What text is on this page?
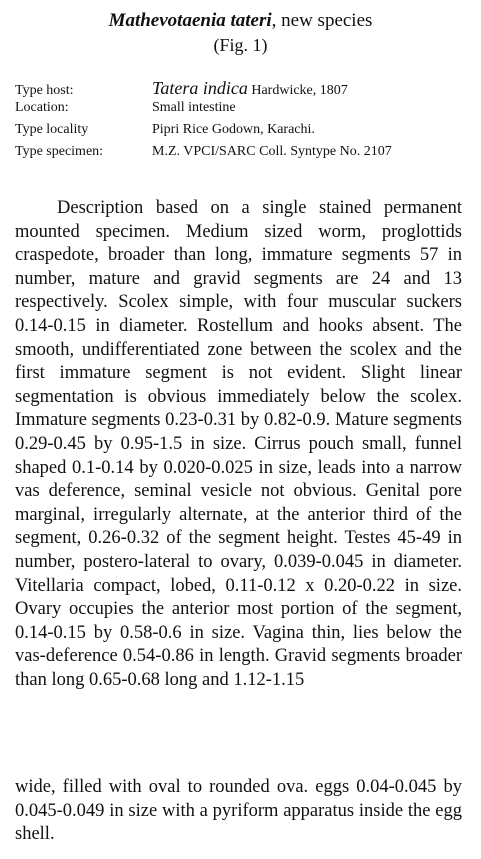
Mathevotaenia tateri, new species
(Fig. 1)
Type host:	Tatera indica Hardwicke, 1807
Location:	Small intestine
Type locality	Pipri Rice Godown, Karachi.
Type specimen:	M.Z. VPCI/SARC Coll. Syntype No. 2107

Description based on a single stained permanent mounted specimen. Medium sized worm, proglottids craspedote, broader than long, immature segments 57 in number, mature and gravid segments are 24 and 13 respectively. Scolex simple, with four muscular suckers 0.14-0.15 in diameter. Rostellum and hooks absent. The smooth, undifferentiated zone between the scolex and the first immature segment is not evident. Slight linear segmentation is obvious immediately below the scolex. Immature segments 0.23-0.31 by 0.82-0.9. Mature segments 0.29-0.45 by 0.95-1.5 in size. Cirrus pouch small, funnel shaped 0.1-0.14 by 0.020-0.025 in size, leads into a narrow vas deference, seminal vesicle not obvious. Genital pore marginal, irregularly alternate, at the anterior third of the segment, 0.26-0.32 of the segment height. Testes 45-49 in number, postero-lateral to ovary, 0.039-0.045 in diameter. Vitellaria compact, lobed, 0.11-0.12 x 0.20-0.22 in size. Ovary occupies the anterior most portion of the segment, 0.14-0.15 by 0.58-0.6 in size. Vagina thin, lies below the vas-deference 0.54-0.86 in length. Gravid segments broader than long 0.65-0.68 long and 1.12-1.15

wide, filled with oval to rounded ova. eggs 0.04-0.045 by 0.045-0.049 in size with a pyriform apparatus inside the egg shell.
